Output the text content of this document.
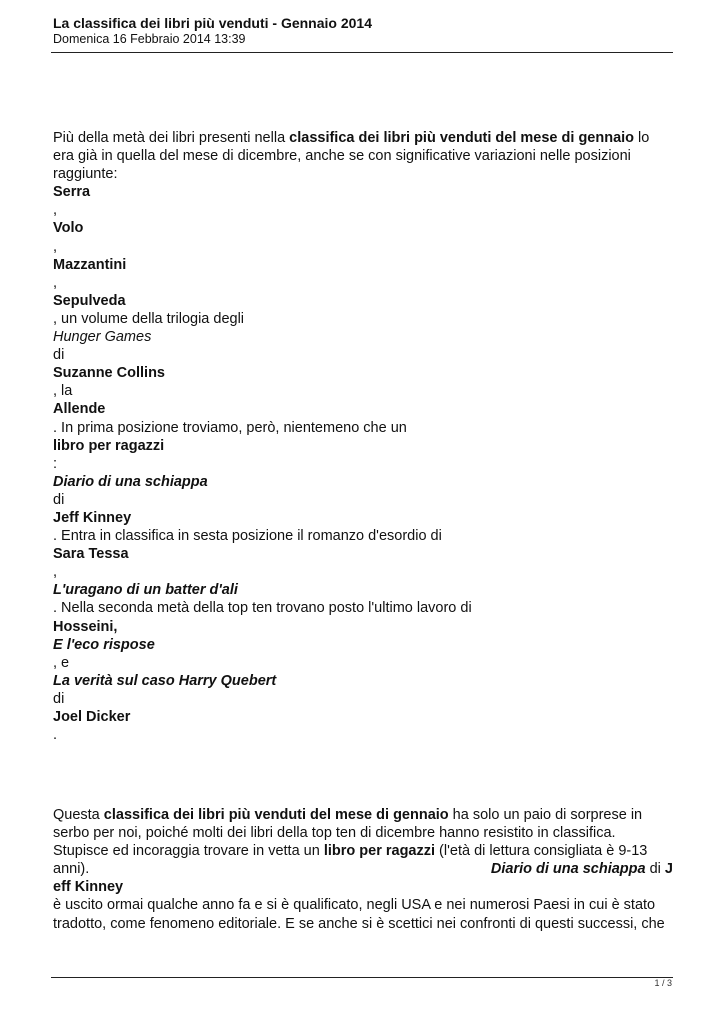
La classifica dei libri più venduti - Gennaio 2014
Domenica 16 Febbraio 2014 13:39
Più della metà dei libri presenti nella classifica dei libri più venduti del mese di gennaio lo
era già in quella del mese di dicembre, anche se con significative variazioni nelle posizioni
raggiunte:
Serra
,
Volo
,
Mazzantini
,
Sepulveda
, un volume della trilogia degli
Hunger Games
di
Suzanne Collins
, la
Allende
. In prima posizione troviamo, però, nientemeno che un
libro per ragazzi
:
Diario di una schiappa
di
Jeff Kinney
. Entra in classifica in sesta posizione il romanzo d'esordio di
Sara Tessa
,
L'uragano di un batter d'ali
. Nella seconda metà della top ten trovano posto l'ultimo lavoro di
Hosseini,
E l'eco rispose
, e
La verità sul caso Harry Quebert
di
Joel Dicker
.
Questa classifica dei libri più venduti del mese di gennaio ha solo un paio di sorprese in
serbo per noi, poiché molti dei libri della top ten di dicembre hanno resistito in classifica.
Stupisce ed incoraggia trovare in vetta un libro per ragazzi (l'età di lettura consigliata è 9-13
anni).	Diario di una schiappa di J
eff Kinney
è uscito ormai qualche anno fa e si è qualificato, negli USA e nei numerosi Paesi in cui è stato
tradotto, come fenomeno editoriale. E se anche si è scettici nei confronti di questi successi, che
1 / 3
